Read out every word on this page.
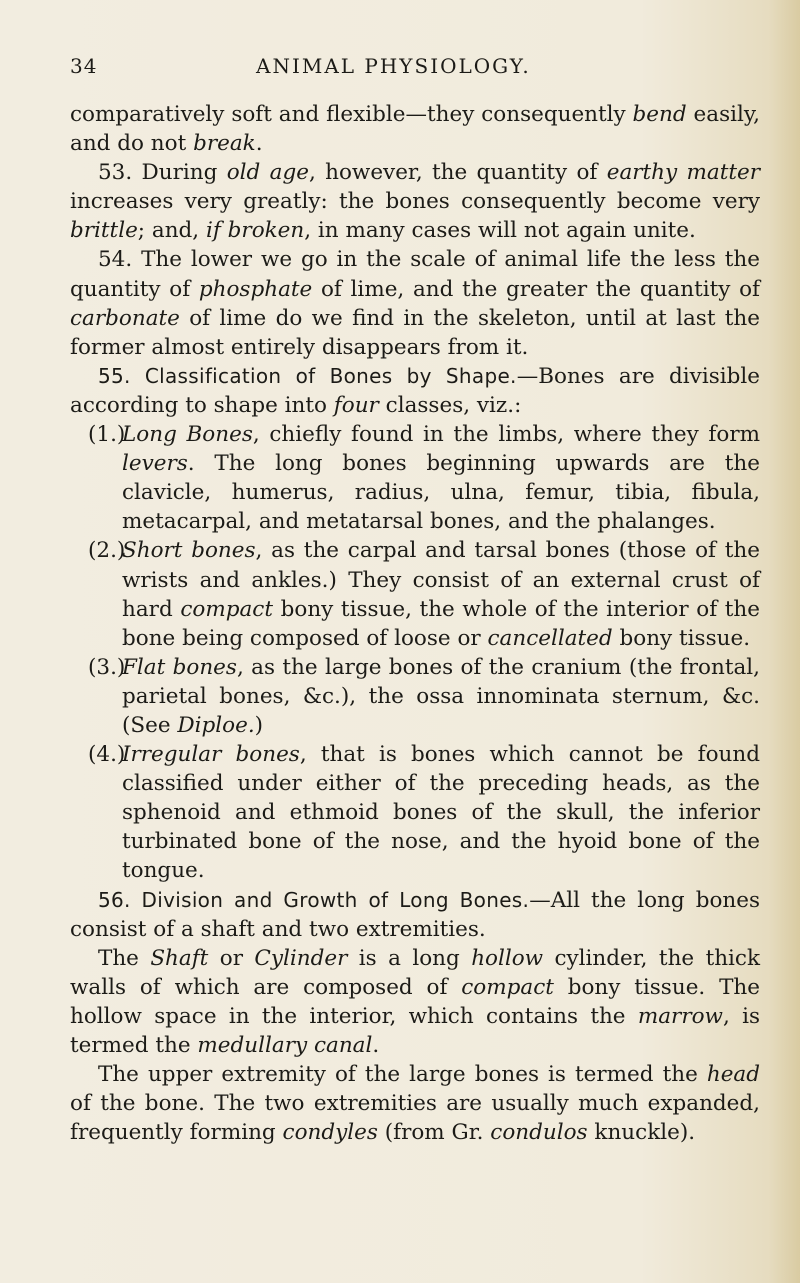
34	ANIMAL PHYSIOLOGY.

comparatively soft and flexible—they consequently bend easily, and do not break.

53. During old age, however, the quantity of earthy matter increases very greatly: the bones consequently become very brittle; and, if broken, in many cases will not again unite.

54. The lower we go in the scale of animal life the less the quantity of phosphate of lime, and the greater the quantity of carbonate of lime do we find in the skeleton, until at last the former almost entirely disappears from it.

55. Classification of Bones by Shape.—Bones are divisible according to shape into four classes, viz.:

(1.)Long Bones, chiefly found in the limbs, where they form levers. The long bones beginning upwards are the clavicle, humerus, radius, ulna, femur, tibia, fibula, metacarpal, and metatarsal bones, and the phalanges.

(2.)Short bones, as the carpal and tarsal bones (those of the wrists and ankles.) They consist of an external crust of hard compact bony tissue, the whole of the interior of the bone being composed of loose or cancellated bony tissue.

(3.)Flat bones, as the large bones of the cranium (the frontal, parietal bones, &c.), the ossa innominata sternum, &c. (See Diploe.)

(4.)Irregular bones, that is bones which cannot be found classified under either of the preceding heads, as the sphenoid and ethmoid bones of the skull, the inferior turbinated bone of the nose, and the hyoid bone of the tongue.

56. Division and Growth of Long Bones.—All the long bones consist of a shaft and two extremities.

The Shaft or Cylinder is a long hollow cylinder, the thick walls of which are composed of compact bony tissue. The hollow space in the interior, which contains the marrow, is termed the medullary canal.

The upper extremity of the large bones is termed the head of the bone. The two extremities are usually much expanded, frequently forming condyles (from Gr. condulos knuckle).
